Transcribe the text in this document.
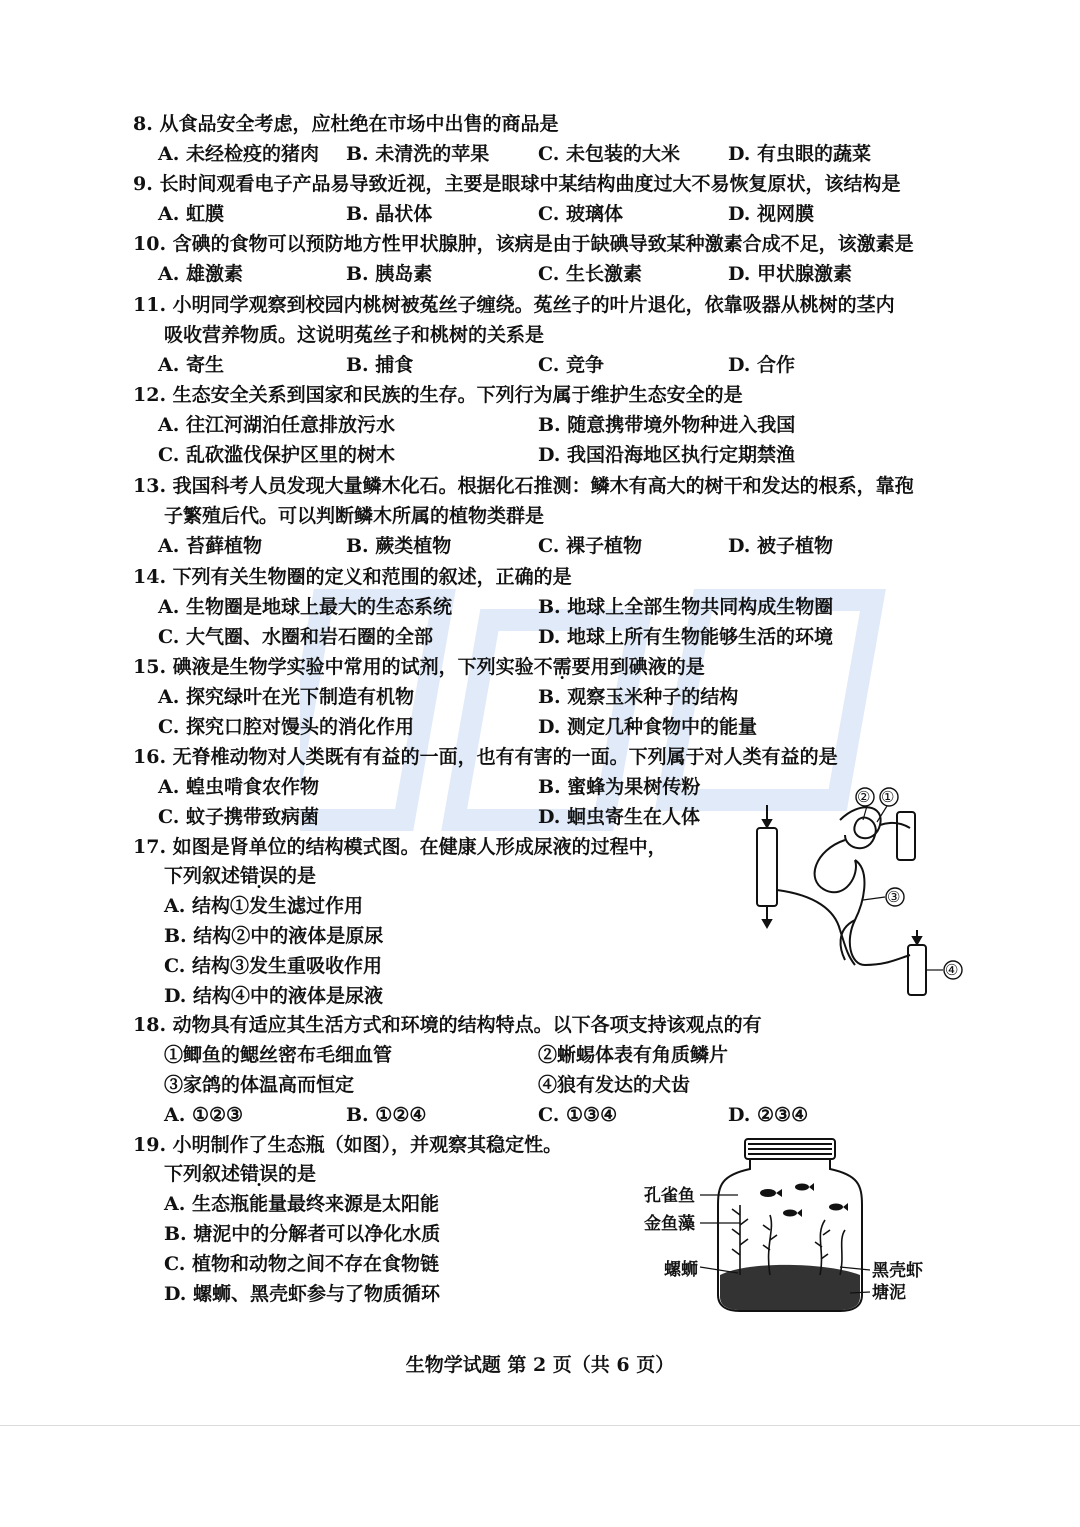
8. 从食品安全考虑，应杜绝在市场中出售的商品是
A. 未经检疫的猪肉 B. 未清洗的苹果	C. 未包装的大米	D. 有虫眼的蔬菜
9. 长时间观看电子产品易导致近视，主要是眼球中某结构曲度过大不易恢复原状，该结构是
A. 虹膜	B. 晶状体	C. 玻璃体	D. 视网膜
10. 含碘的食物可以预防地方性甲状腺肿，该病是由于缺碘导致某种激素合成不足，该激素是
A. 雄激素	B. 胰岛素	C. 生长激素	D. 甲状腺激素
11. 小明同学观察到校园内桃树被菟丝子缠绕。菟丝子的叶片退化，依靠吸器从桃树的茎内
吸收营养物质。这说明菟丝子和桃树的关系是
A. 寄生	B. 捕食	C. 竞争	D. 合作
12. 生态安全关系到国家和民族的生存。下列行为属于维护生态安全的是
A. 往江河湖泊任意排放污水	B. 随意携带境外物种进入我国
C. 乱砍滥伐保护区里的树木	D. 我国沿海地区执行定期禁渔
13. 我国科考人员发现大量鳞木化石。根据化石推测：鳞木有高大的树干和发达的根系，靠孢
子繁殖后代。可以判断鳞木所属的植物类群是
A. 苔藓植物	B. 蕨类植物	C. 裸子植物	D. 被子植物
14. 下列有关生物圈的定义和范围的叙述，正确的是
A. 生物圈是地球上最大的生态系统	B. 地球上全部生物共同构成生物圈
C. 大气圈、水圈和岩石圈的全部	D. 地球上所有生物能够生活的环境
15. 碘液是生物学实验中常用的试剂，下列实验不需要用到碘液的是
A. 探究绿叶在光下制造有机物	B. 观察玉米种子的结构
C. 探究口腔对馒头的消化作用	D. 测定几种食物中的能量
16. 无脊椎动物对人类既有有益的一面，也有有害的一面。下列属于对人类有益的是
A. 蝗虫啃食农作物	B. 蜜蜂为果树传粉
C. 蚊子携带致病菌	D. 蛔虫寄生在人体
17. 如图是肾单位的结构模式图。在健康人形成尿液的过程中，
下列叙述错误的是
A. 结构①发生滤过作用
B. 结构②中的液体是原尿
C. 结构③发生重吸收作用
D. 结构④中的液体是尿液
② ①
③
④
18. 动物具有适应其生活方式和环境的结构特点。以下各项支持该观点的有
①鲫鱼的鳃丝密布毛细血管	②蜥蜴体表有角质鳞片
③家鸽的体温高而恒定	④狼有发达的犬齿
A. ①②③	B. ①②④	C. ①③④	D. ②③④
19. 小明制作了生态瓶（如图），并观察其稳定性。
下列叙述错误的是
A. 生态瓶能量最终来源是太阳能
B. 塘泥中的分解者可以净化水质
C. 植物和动物之间不存在食物链
D. 螺蛳、黑壳虾参与了物质循环
孔雀鱼
金鱼藻
螺蛳	黑壳虾
塘泥
生物学试题 第 2 页（共 6 页）
